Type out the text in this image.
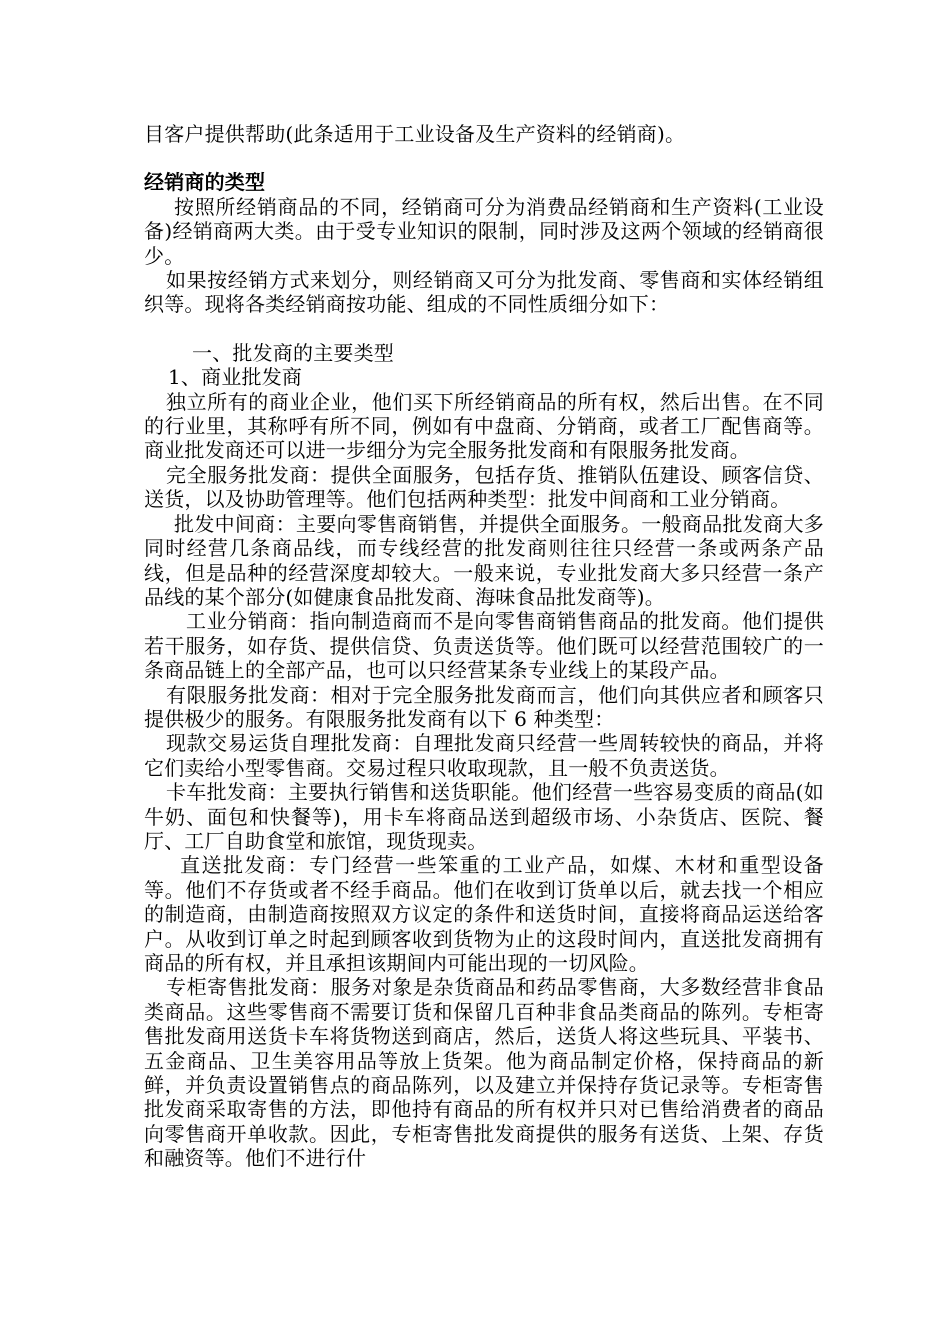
目客户提供帮助(此条适用于工业设备及生产资料的经销商)。

经销商的类型

按照所经销商品的不同，经销商可分为消费品经销商和生产资料(工业设备)经销商两大类。由于受专业知识的限制，同时涉及这两个领域的经销商很少。

如果按经销方式来划分，则经销商又可分为批发商、零售商和实体经销组织等。现将各类经销商按功能、组成的不同性质细分如下：

一、批发商的主要类型

1、商业批发商

独立所有的商业企业，他们买下所经销商品的所有权，然后出售。在不同的行业里，其称呼有所不同，例如有中盘商、分销商，或者工厂配售商等。商业批发商还可以进一步细分为完全服务批发商和有限服务批发商。

完全服务批发商：提供全面服务，包括存货、推销队伍建设、顾客信贷、送货，以及协助管理等。他们包括两种类型：批发中间商和工业分销商。

批发中间商：主要向零售商销售，并提供全面服务。一般商品批发商大多同时经营几条商品线，而专线经营的批发商则往往只经营一条或两条产品线，但是品种的经营深度却较大。一般来说，专业批发商大多只经营一条产品线的某个部分(如健康食品批发商、海味食品批发商等)。

工业分销商：指向制造商而不是向零售商销售商品的批发商。他们提供若干服务，如存货、提供信贷、负责送货等。他们既可以经营范围较广的一条商品链上的全部产品，也可以只经营某条专业线上的某段产品。

有限服务批发商：相对于完全服务批发商而言，他们向其供应者和顾客只提供极少的服务。有限服务批发商有以下 6 种类型：

现款交易运货自理批发商：自理批发商只经营一些周转较快的商品，并将它们卖给小型零售商。交易过程只收取现款，且一般不负责送货。

卡车批发商：主要执行销售和送货职能。他们经营一些容易变质的商品(如牛奶、面包和快餐等)，用卡车将商品送到超级市场、小杂货店、医院、餐厅、工厂自助食堂和旅馆，现货现卖。

直送批发商：专门经营一些笨重的工业产品，如煤、木材和重型设备等。他们不存货或者不经手商品。他们在收到订货单以后，就去找一个相应的制造商，由制造商按照双方议定的条件和送货时间，直接将商品运送给客户。从收到订单之时起到顾客收到货物为止的这段时间内，直送批发商拥有商品的所有权，并且承担该期间内可能出现的一切风险。

专柜寄售批发商：服务对象是杂货商品和药品零售商，大多数经营非食品类商品。这些零售商不需要订货和保留几百种非食品类商品的陈列。专柜寄售批发商用送货卡车将货物送到商店，然后，送货人将这些玩具、平装书、五金商品、卫生美容用品等放上货架。他为商品制定价格，保持商品的新鲜，并负责设置销售点的商品陈列，以及建立并保持存货记录等。专柜寄售批发商采取寄售的方法，即他持有商品的所有权并只对已售给消费者的商品向零售商开单收款。因此，专柜寄售批发商提供的服务有送货、上架、存货和融资等。他们不进行什
